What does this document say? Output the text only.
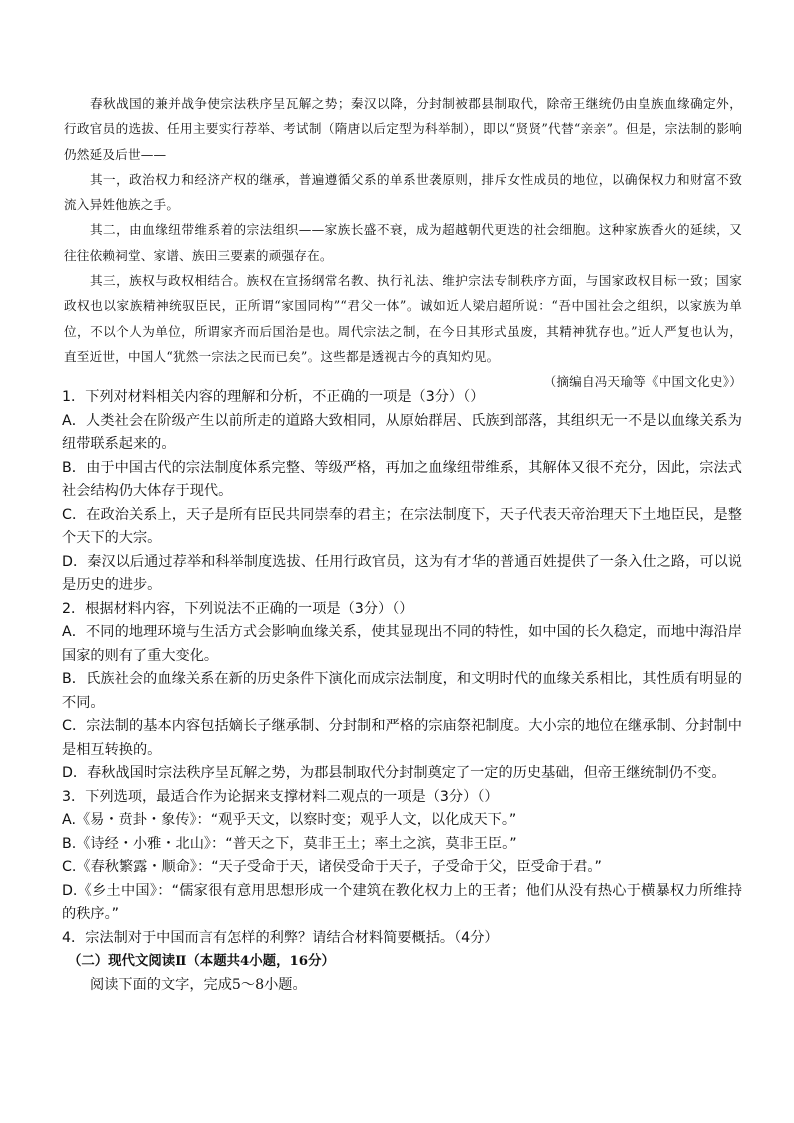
春秋战国的兼并战争使宗法秩序呈瓦解之势；秦汉以降，分封制被郡县制取代，除帝王继统仍由皇族血缘确定外，行政官员的选拔、任用主要实行荐举、考试制（隋唐以后定型为科举制），即以“贤贤”代替“亲亲”。但是，宗法制的影响仍然延及后世——

其一，政治权力和经济产权的继承，普遍遵循父系的单系世袭原则，排斥女性成员的地位，以确保权力和财富不致流入异姓他族之手。

其二，由血缘纽带维系着的宗法组织——家族长盛不衰，成为超越朝代更迭的社会细胞。这种家族香火的延续，又往往依赖祠堂、家谱、族田三要素的顽强存在。

其三，族权与政权相结合。族权在宣扬纲常名教、执行礼法、维护宗法专制秩序方面，与国家政权目标一致；国家政权也以家族精神统驭臣民，正所谓“家国同构”“君父一体”。诚如近人梁启超所说：“吾中国社会之组织，以家族为单位，不以个人为单位，所谓家齐而后国治是也。周代宗法之制，在今日其形式虽废，其精神犹存也。”近人严复也认为，直至近世，中国人“犹然一宗法之民而已矣”。这些都是透视古今的真知灼见。

（摘编自冯天瑜等《中国文化史》）

1．下列对材料相关内容的理解和分析，不正确的一项是（3分）（）

A．人类社会在阶级产生以前所走的道路大致相同，从原始群居、氏族到部落，其组织无一不是以血缘关系为纽带联系起来的。

B．由于中国古代的宗法制度体系完整、等级严格，再加之血缘纽带维系，其解体又很不充分，因此，宗法式社会结构仍大体存于现代。

C．在政治关系上，天子是所有臣民共同崇奉的君主；在宗法制度下，天子代表天帝治理天下土地臣民，是整个天下的大宗。

D．秦汉以后通过荐举和科举制度选拔、任用行政官员，这为有才华的普通百姓提供了一条入仕之路，可以说是历史的进步。

2．根据材料内容，下列说法不正确的一项是（3分）（）

A．不同的地理环境与生活方式会影响血缘关系，使其显现出不同的特性，如中国的长久稳定，而地中海沿岸国家的则有了重大变化。

B．氏族社会的血缘关系在新的历史条件下演化而成宗法制度，和文明时代的血缘关系相比，其性质有明显的不同。

C．宗法制的基本内容包括嫡长子继承制、分封制和严格的宗庙祭祀制度。大小宗的地位在继承制、分封制中是相互转换的。

D．春秋战国时宗法秩序呈瓦解之势，为郡县制取代分封制奠定了一定的历史基础，但帝王继统制仍不变。

3．下列选项，最适合作为论据来支撑材料二观点的一项是（3分）（）

A.《易・贲卦・象传》：“观乎天文，以察时变；观乎人文，以化成天下。”

B.《诗经・小雅・北山》：“普天之下，莫非王土；率土之滨，莫非王臣。”

C.《春秋繁露・顺命》：“天子受命于天，诸侯受命于天子，子受命于父，臣受命于君。”

D.《乡土中国》：“儒家很有意用思想形成一个建筑在教化权力上的王者；他们从没有热心于横暴权力所维持的秩序。”

4．宗法制对于中国而言有怎样的利弊？请结合材料简要概括。（4分）

（二）现代文阅读Ⅱ（本题共4小题，16分）

阅读下面的文字，完成5～8小题。
